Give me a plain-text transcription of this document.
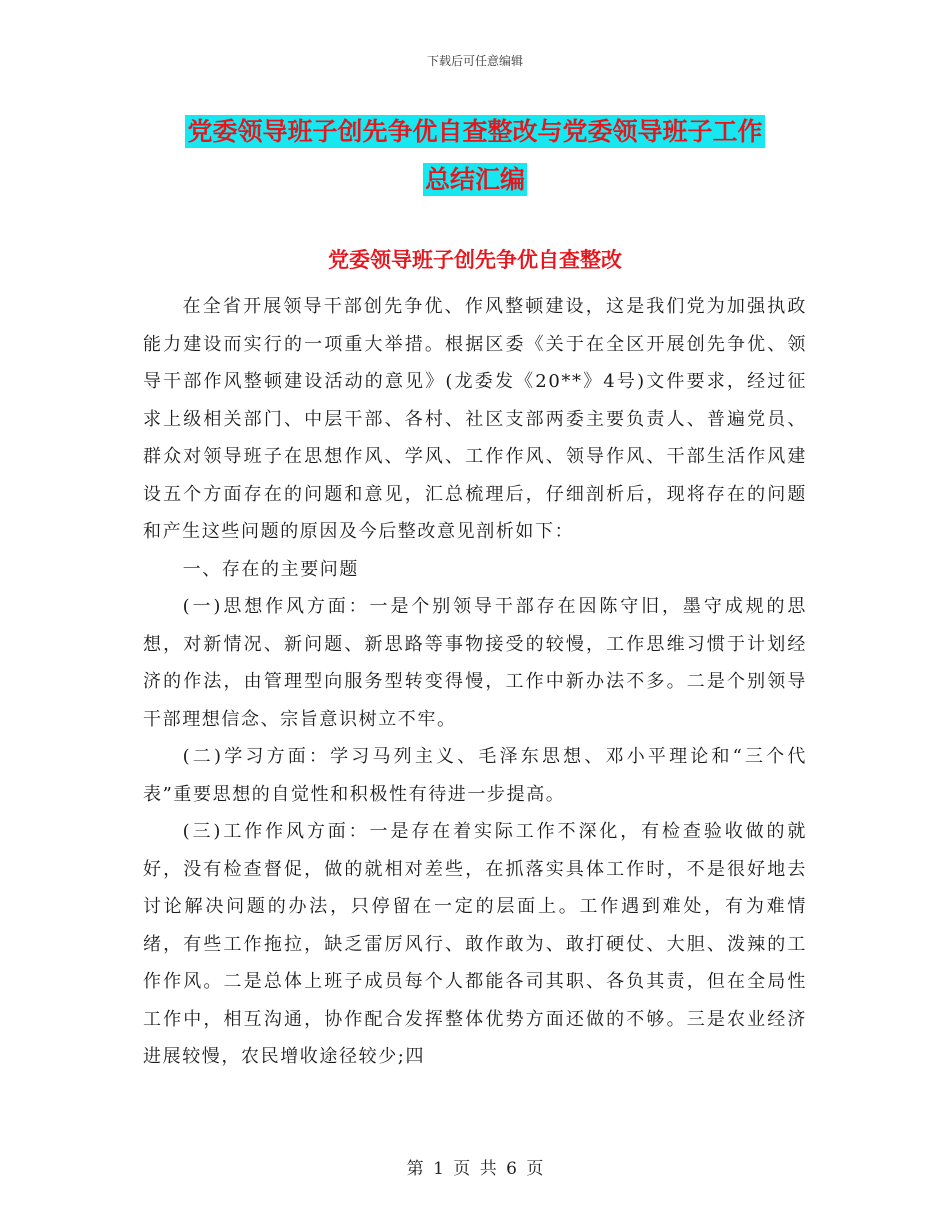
下载后可任意编辑
党委领导班子创先争优自查整改与党委领导班子工作
总结汇编
党委领导班子创先争优自查整改

在全省开展领导干部创先争优、作风整顿建设，这是我们党为加强执政能力建设而实行的一项重大举措。根据区委《关于在全区开展创先争优、领导干部作风整顿建设活动的意见》(龙委发《20**》4号)文件要求，经过征求上级相关部门、中层干部、各村、社区支部两委主要负责人、普遍党员、群众对领导班子在思想作风、学风、工作作风、领导作风、干部生活作风建设五个方面存在的问题和意见，汇总梳理后，仔细剖析后，现将存在的问题和产生这些问题的原因及今后整改意见剖析如下：

一、存在的主要问题

(一)思想作风方面：一是个别领导干部存在因陈守旧，墨守成规的思想，对新情况、新问题、新思路等事物接受的较慢，工作思维习惯于计划经济的作法，由管理型向服务型转变得慢，工作中新办法不多。二是个别领导干部理想信念、宗旨意识树立不牢。

(二)学习方面：学习马列主义、毛泽东思想、邓小平理论和“三个代表”重要思想的自觉性和积极性有待进一步提高。

(三)工作作风方面：一是存在着实际工作不深化，有检查验收做的就好，没有检查督促，做的就相对差些，在抓落实具体工作时，不是很好地去讨论解决问题的办法，只停留在一定的层面上。工作遇到难处，有为难情绪，有些工作拖拉，缺乏雷厉风行、敢作敢为、敢打硬仗、大胆、泼辣的工作作风。二是总体上班子成员每个人都能各司其职、各负其责，但在全局性工作中，相互沟通，协作配合发挥整体优势方面还做的不够。三是农业经济进展较慢，农民增收途径较少;四

第 1 页 共 6 页
